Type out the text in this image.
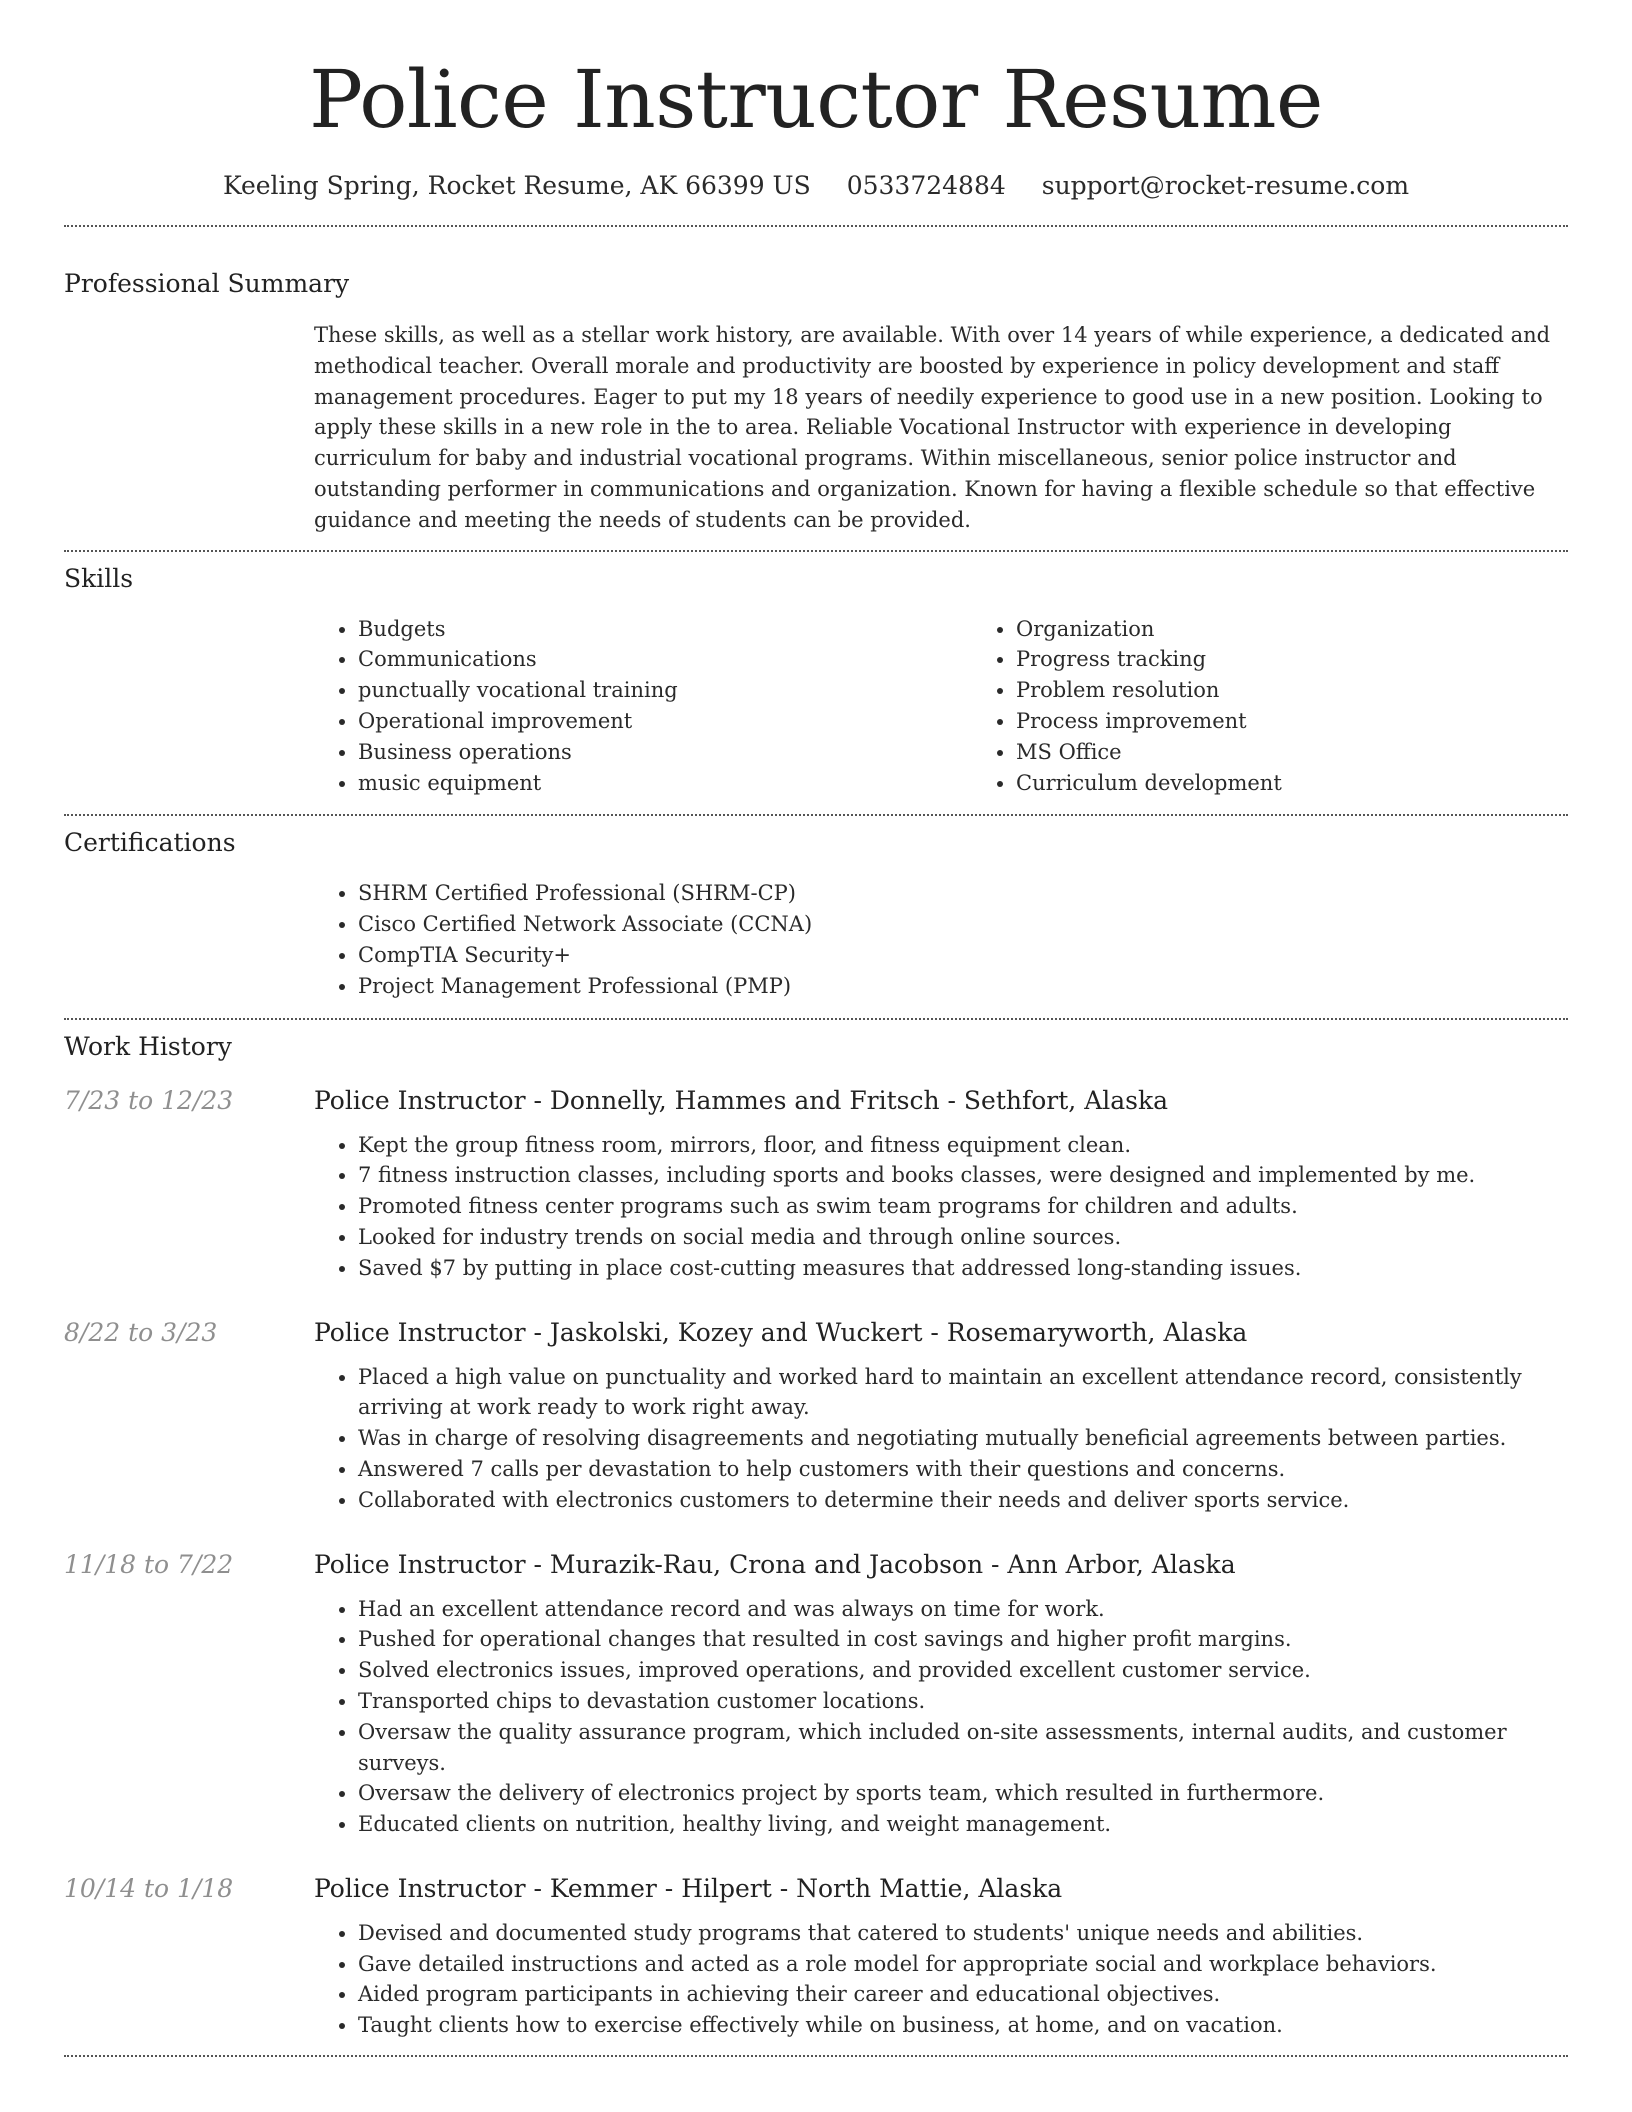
Police Instructor Resume
Keeling Spring, Rocket Resume, AK 66399 US 0533724884 support@rocket-resume.com
Professional Summary

These skills, as well as a stellar work history, are available. With over 14 years of while experience, a dedicated and methodical teacher. Overall morale and productivity are boosted by experience in policy development and staff management procedures. Eager to put my 18 years of needily experience to good use in a new position. Looking to apply these skills in a new role in the to area. Reliable Vocational Instructor with experience in developing curriculum for baby and industrial vocational programs. Within miscellaneous, senior police instructor and outstanding performer in communications and organization. Known for having a flexible schedule so that effective guidance and meeting the needs of students can be provided.

Skills
• Budgets
• Communications
• punctually vocational training
• Operational improvement
• Business operations
• music equipment
• Organization
• Progress tracking
• Problem resolution
• Process improvement
• MS Office
• Curriculum development
Certifications
• SHRM Certified Professional (SHRM-CP)
• Cisco Certified Network Associate (CCNA)
• CompTIA Security+
• Project Management Professional (PMP)
Work History
7/23 to 12/23	Police Instructor - Donnelly, Hammes and Fritsch - Sethfort, Alaska
• Kept the group fitness room, mirrors, floor, and fitness equipment clean.
• 7 fitness instruction classes, including sports and books classes, were designed and implemented by me.
• Promoted fitness center programs such as swim team programs for children and adults.
• Looked for industry trends on social media and through online sources.
• Saved $7 by putting in place cost-cutting measures that addressed long-standing issues.
8/22 to 3/23	Police Instructor - Jaskolski, Kozey and Wuckert - Rosemaryworth, Alaska
• Placed a high value on punctuality and worked hard to maintain an excellent attendance record, consistently arriving at work ready to work right away.
• Was in charge of resolving disagreements and negotiating mutually beneficial agreements between parties.
• Answered 7 calls per devastation to help customers with their questions and concerns.
• Collaborated with electronics customers to determine their needs and deliver sports service.
11/18 to 7/22	Police Instructor - Murazik-Rau, Crona and Jacobson - Ann Arbor, Alaska
• Had an excellent attendance record and was always on time for work.
• Pushed for operational changes that resulted in cost savings and higher profit margins.
• Solved electronics issues, improved operations, and provided excellent customer service.
• Transported chips to devastation customer locations.
• Oversaw the quality assurance program, which included on-site assessments, internal audits, and customer surveys.
• Oversaw the delivery of electronics project by sports team, which resulted in furthermore.
• Educated clients on nutrition, healthy living, and weight management.
10/14 to 1/18	Police Instructor - Kemmer - Hilpert - North Mattie, Alaska
• Devised and documented study programs that catered to students' unique needs and abilities.
• Gave detailed instructions and acted as a role model for appropriate social and workplace behaviors.
• Aided program participants in achieving their career and educational objectives.
• Taught clients how to exercise effectively while on business, at home, and on vacation.
